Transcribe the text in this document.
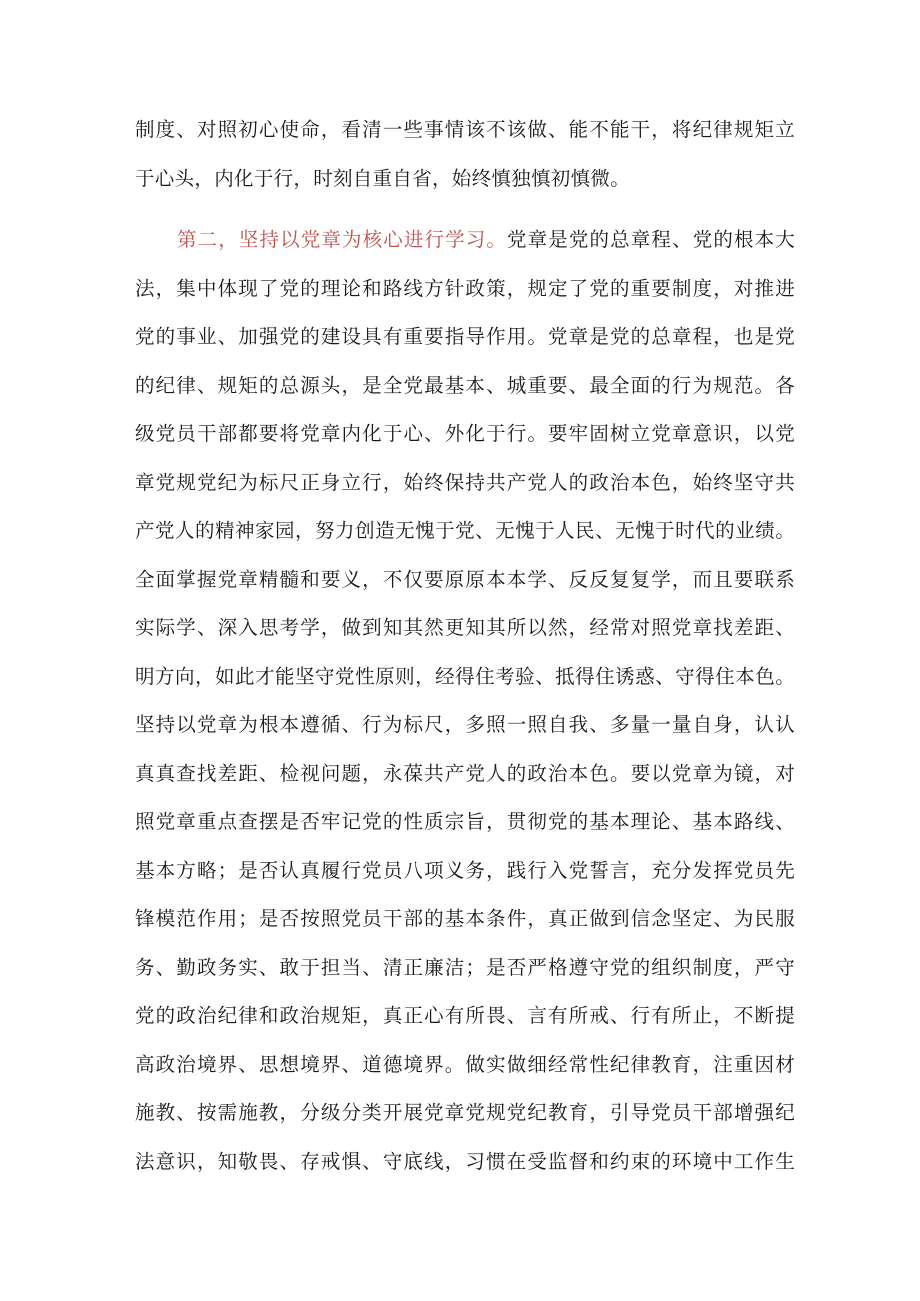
制度、对照初心使命，看清一些事情该不该做、能不能干，将纪律规矩立
于心头，内化于行，时刻自重自省，始终慎独慎初慎微。
第二，坚持以党章为核心进行学习。党章是党的总章程、党的根本大
法，集中体现了党的理论和路线方针政策，规定了党的重要制度，对推进
党的事业、加强党的建设具有重要指导作用。党章是党的总章程，也是党
的纪律、规矩的总源头，是全党最基本、城重要、最全面的行为规范。各
级党员干部都要将党章内化于心、外化于行。要牢固树立党章意识，以党
章党规党纪为标尺正身立行，始终保持共产党人的政治本色，始终坚守共
产党人的精神家园，努力创造无愧于党、无愧于人民、无愧于时代的业绩。
全面掌握党章精髓和要义，不仅要原原本本学、反反复复学，而且要联系
实际学、深入思考学，做到知其然更知其所以然，经常对照党章找差距、
明方向，如此才能坚守党性原则，经得住考验、抵得住诱惑、守得住本色。
坚持以党章为根本遵循、行为标尺，多照一照自我、多量一量自身，认认
真真查找差距、检视问题，永葆共产党人的政治本色。要以党章为镜，对
照党章重点查摆是否牢记党的性质宗旨，贯彻党的基本理论、基本路线、
基本方略；是否认真履行党员八项义务，践行入党誓言，充分发挥党员先
锋模范作用；是否按照党员干部的基本条件，真正做到信念坚定、为民服
务、勤政务实、敢于担当、清正廉洁；是否严格遵守党的组织制度，严守
党的政治纪律和政治规矩，真正心有所畏、言有所戒、行有所止，不断提
高政治境界、思想境界、道德境界。做实做细经常性纪律教育，注重因材
施教、按需施教，分级分类开展党章党规党纪教育，引导党员干部增强纪
法意识，知敬畏、存戒惧、守底线，习惯在受监督和约束的环境中工作生
